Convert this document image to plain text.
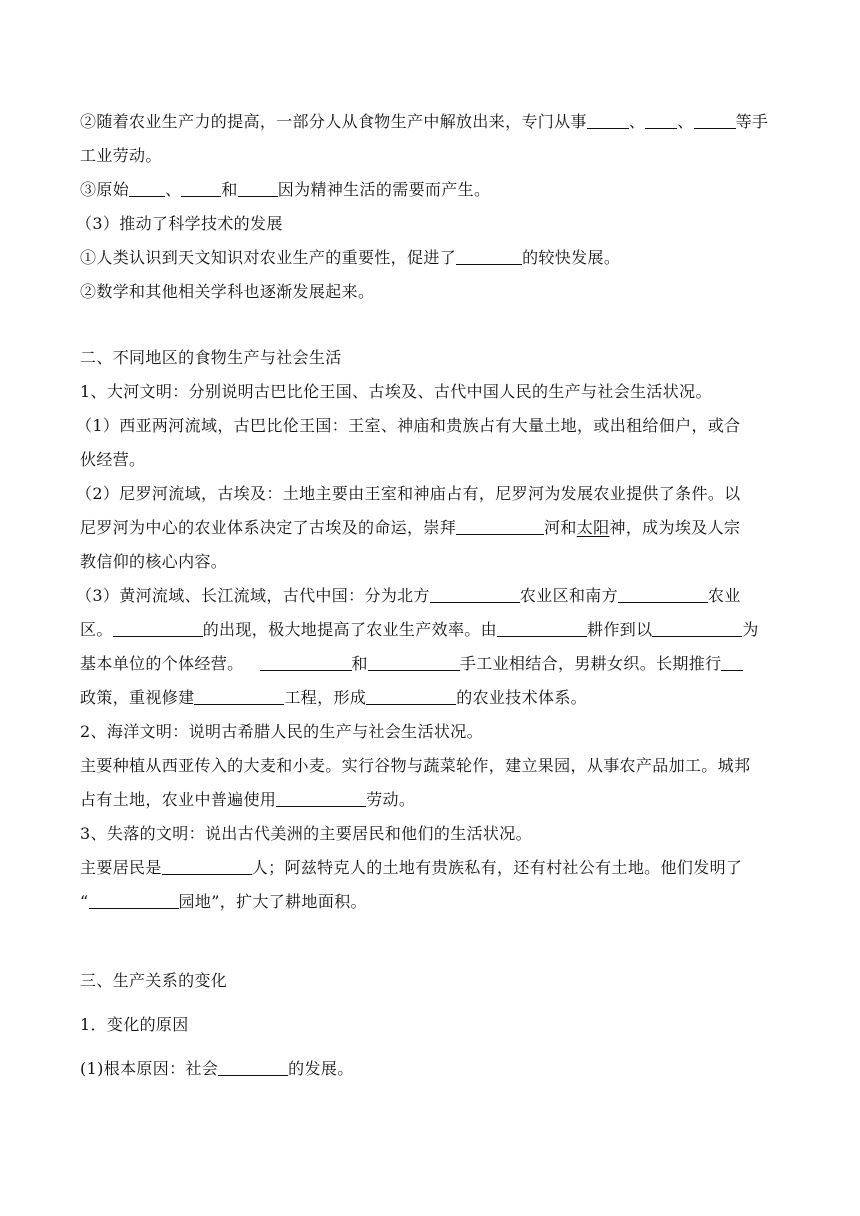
②随着农业生产力的提高，一部分人从食物生产中解放出来，专门从事	、 、	等手
工业劳动。
③原始 、	和	因为精神生活的需要而产生。
（3）推动了科学技术的发展
①人类认识到天文知识对农业生产的重要性，促进了	的较快发展。
②数学和其他相关学科也逐渐发展起来。
二、不同地区的食物生产与社会生活
1、大河文明：分别说明古巴比伦王国、古埃及、古代中国人民的生产与社会生活状况。
（1）西亚两河流域，古巴比伦王国：王室、神庙和贵族占有大量土地，或出租给佃户，或合
伙经营。
（2）尼罗河流域，古埃及：土地主要由王室和神庙占有，尼罗河为发展农业提供了条件。以
尼罗河为中心的农业体系决定了古埃及的命运，崇拜	河和太阳神，成为埃及人宗
教信仰的核心内容。
（3）黄河流域、长江流域，古代中国：分为北方	农业区和南方	农业
区。	的出现，极大地提高了农业生产效率。由	耕作到以	为
基本单位的个体经营。	和	手工业相结合，男耕女织。长期推行
政策，重视修建	工程，形成	的农业技术体系。
2、海洋文明：说明古希腊人民的生产与社会生活状况。
主要种植从西亚传入的大麦和小麦。实行谷物与蔬菜轮作，建立果园，从事农产品加工。城邦
占有土地，农业中普遍使用	劳动。
3、失落的文明：说出古代美洲的主要居民和他们的生活状况。
主要居民是	人；阿兹特克人的土地有贵族私有，还有村社公有土地。他们发明了
“	园地”，扩大了耕地面积。
三、生产关系的变化
1．变化的原因
(1)根本原因：社会	的发展。
